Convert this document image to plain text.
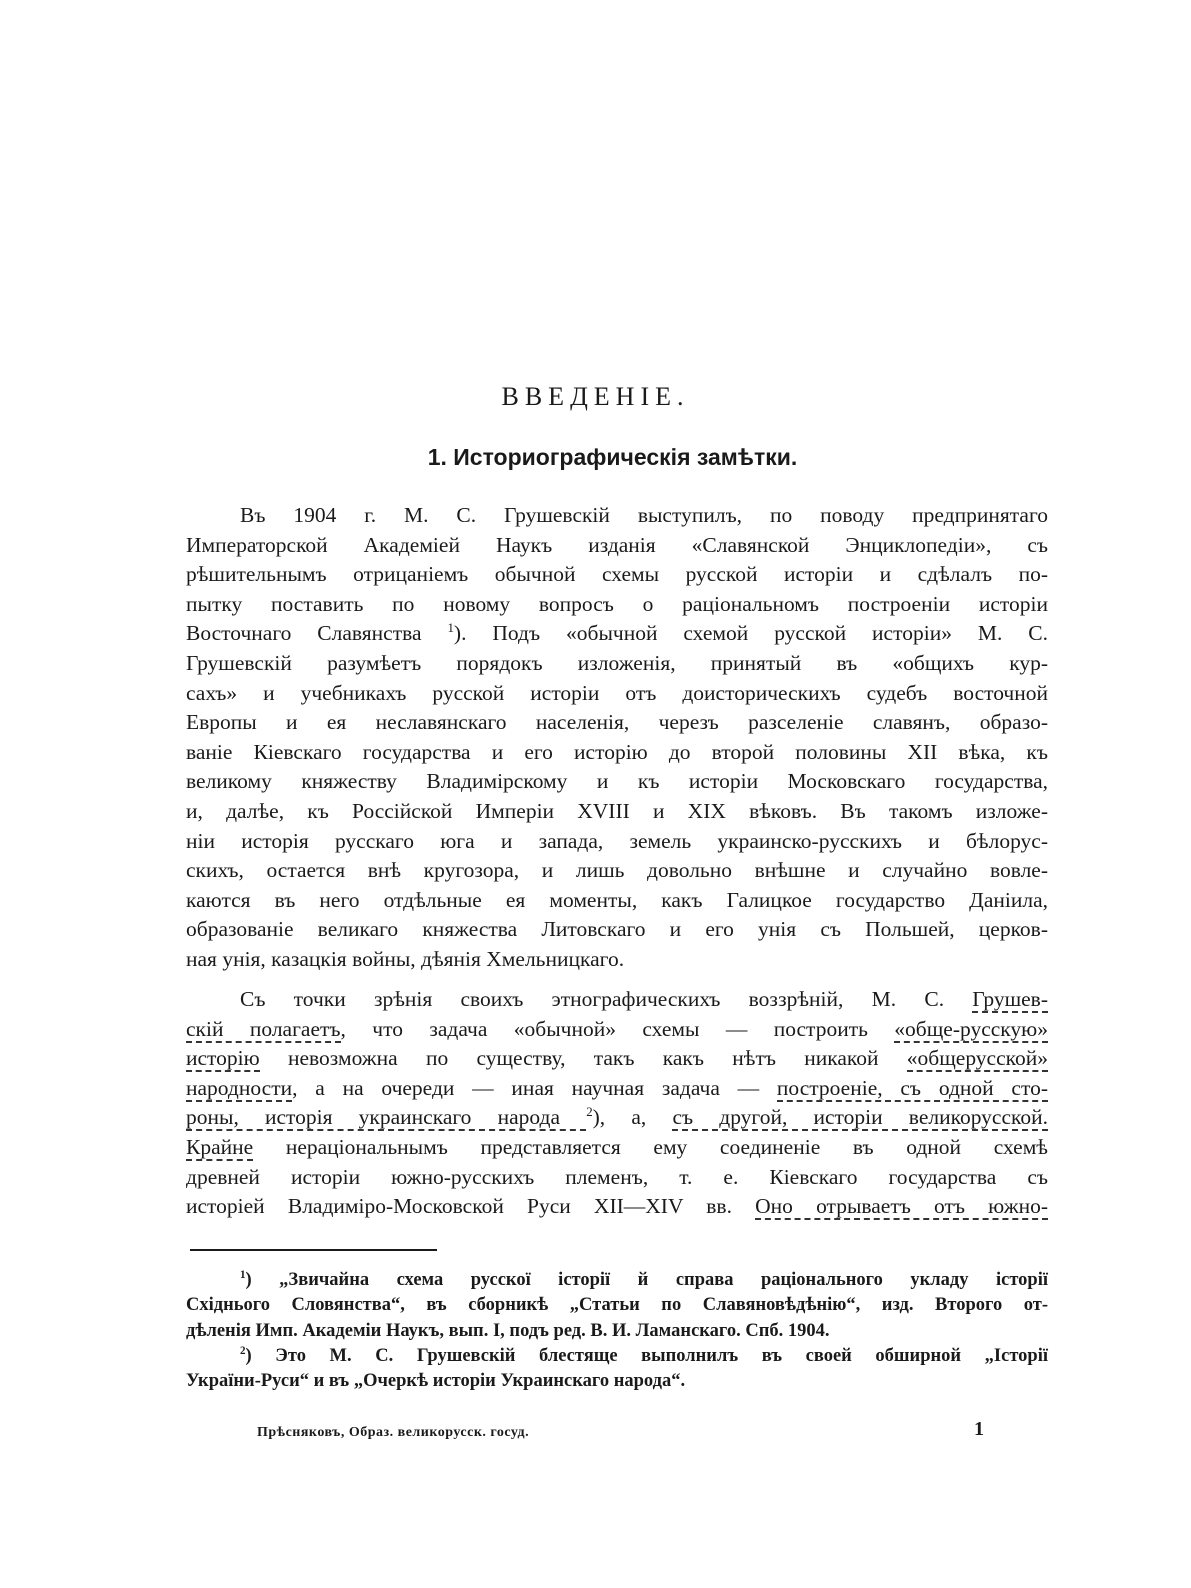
ВВЕДЕНІЕ.
1. Историографическія замѣтки.
Въ 1904 г. М. С. Грушевскій выступилъ, по поводу предпринятаго
Императорской Академіей Наукъ изданія «Славянской Энциклопедіи», съ
рѣшительнымъ отрицаніемъ обычной схемы русской исторіи и сдѣлалъ по-
пытку поставить по новому вопросъ о раціональномъ построеніи исторіи
Восточнаго Славянства $^1$). Подъ «обычной схемой русской исторіи» М. С.
Грушевскій разумѣетъ порядокъ изложенія, принятый въ «общихъ кур-
сахъ» и учебникахъ русской исторіи отъ доисторическихъ судебъ восточной
Европы и ея неславянскаго населенія, черезъ разселеніе славянъ, образо-
ваніе Кіевскаго государства и его исторію до второй половины XII вѣка, къ
великому княжеству Владимірскому и къ исторіи Московскаго государства,
и, далѣе, къ Россійской Имперіи XVIII и XIX вѣковъ. Въ такомъ изложе-
ніи исторія русскаго юга и запада, земель украинско-русскихъ и бѣлорус-
скихъ, остается внѣ кругозора, и лишь довольно внѣшне и случайно вовле-
каются въ него отдѣльные ея моменты, какъ Галицкое государство Даніила,
образованіе великаго княжества Литовскаго и его унія съ Польшей, церков-
ная унія, казацкія войны, дѣянія Хмельницкаго.
Съ точки зрѣнія своихъ этнографическихъ воззрѣній, М. С. Грушев-
скій полагаетъ, что задача «обычной» схемы — построить «обще-русскую»
исторію невозможна по существу, такъ какъ нѣтъ никакой «общерусской»
народности, а на очереди — иная научная задача — построеніе, съ одной сто-
роны, исторія украинскаго народа $^2$), а, съ другой, исторіи великорусской.
Крайне нераціональнымъ представляется ему соединеніе въ одной схемѣ
древней исторіи южно-русскихъ племенъ, т. е. Кіевскаго государства съ
исторіей Владиміро-Московской Руси XII—XIV вв. Оно отрываетъ отъ южно-
$^1$) „Звичайна схема русскої історії й справа раціонального укладу історії
Східнього Словянства“, въ сборникѣ „Статьи по Славяновѣдѣнію“, изд. Второго от-
дѣленія Имп. Академіи Наукъ, вып. I, подъ ред. В. И. Ламанскаго. Спб. 1904.
$^2$) Это М. С. Грушевскій блестяще выполнилъ въ своей обширной „Історії
України-Руси“ и въ „Очеркѣ исторіи Украинскаго народа“.
Прѣсняковъ, Образ. великорусск. госуд.	1
